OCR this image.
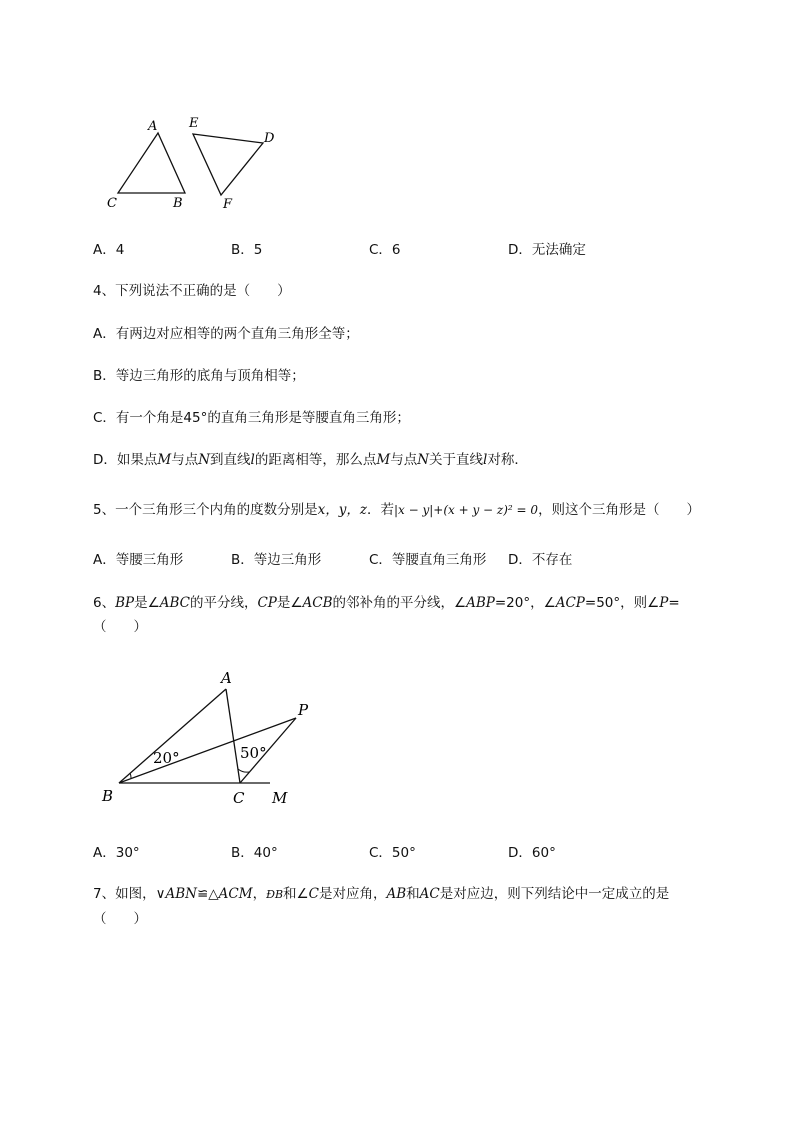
A
C	B
E
D
F
A．4	B．5	C．6	D．无法确定
4、下列说法不正确的是（　　）
A．有两边对应相等的两个直角三角形全等；
B．等边三角形的底角与顶角相等；
C．有一个角是45°的直角三角形是等腰直角三角形；
D．如果点M与点N到直线l的距离相等，那么点M与点N关于直线l对称．
5、一个三角形三个内角的度数分别是x，y，z．若|x − y|+(x + y − z)² = 0，则这个三角形是（　　）
A．等腰三角形	B．等边三角形	C．等腰直角三角形 D．不存在
6、BP是∠ABC的平分线，CP是∠ACB的邻补角的平分线，∠ABP=20°，∠ACP=50°，则∠P=
（　　）
A
P
B	C M
20°	50°
A．30°	B．40°	C．50°	D．60°
7、如图，∨ABN≌△ACM，ÐB和∠C是对应角，AB和AC是对应边，则下列结论中一定成立的是
（　　）
